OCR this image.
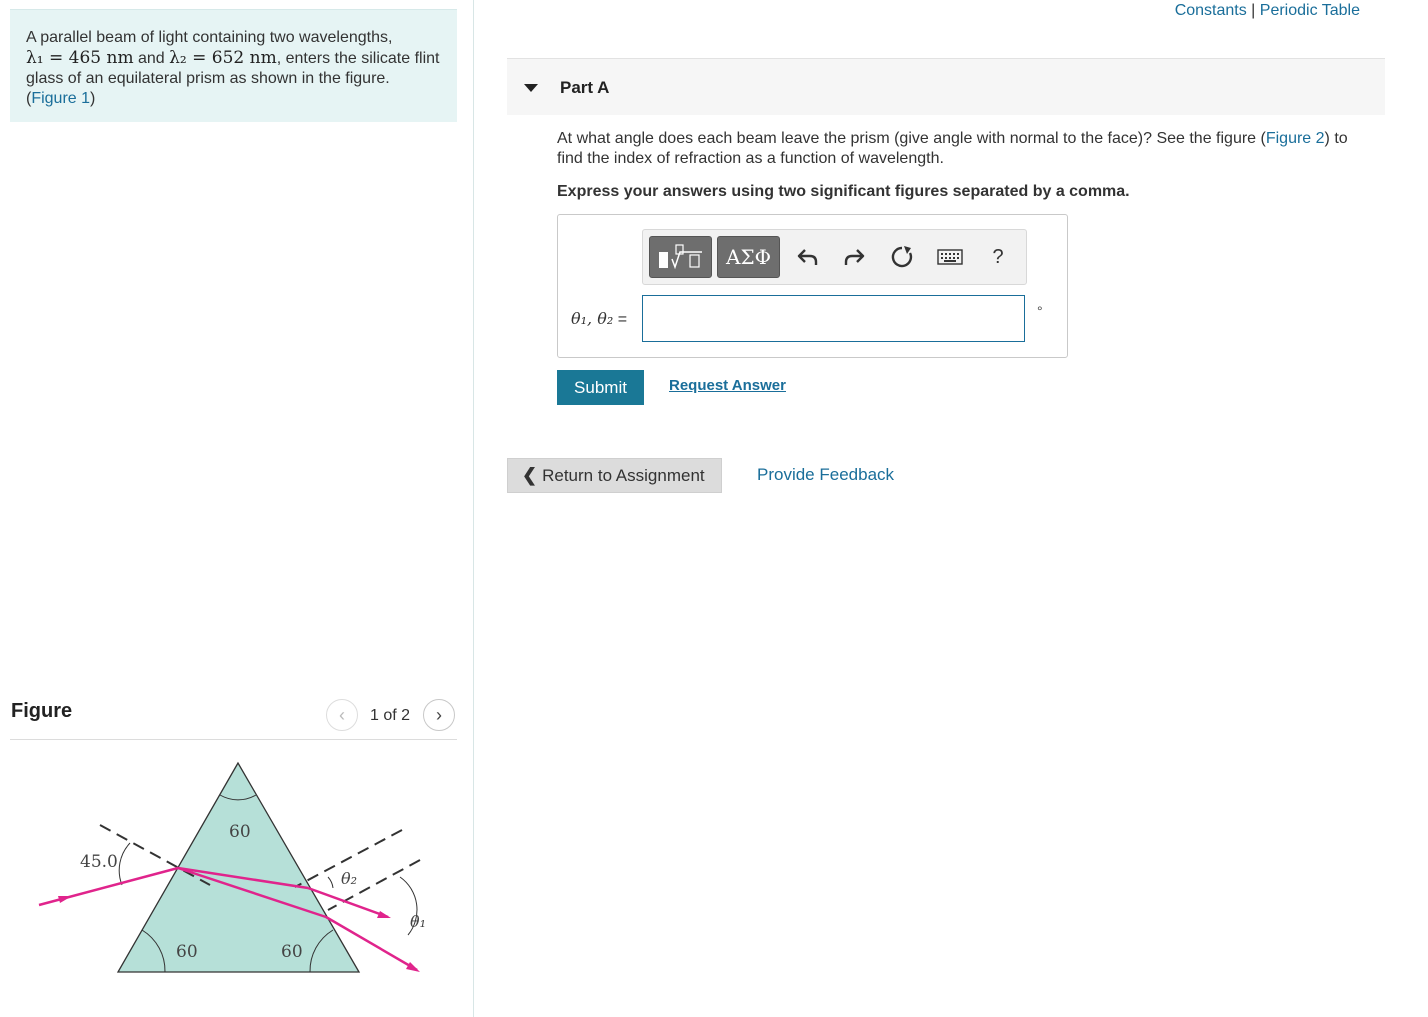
A parallel beam of light containing two wavelengths,
λ₁ = 465 nm and λ₂ = 652 nm, enters the silicate flint glass of an equilateral prism as shown in the figure.
(Figure 1)
Figure	‹ 1 of 2 ›
60
60	60
45.0
θ₂
θ₁
Constants | Periodic Table
Part A
At what angle does each beam leave the prism (give angle with normal to the face)? See the figure (Figure 2) to find the index of refraction as a function of wavelength.
Express your answers using two significant figures separated by a comma.
ΑΣΦ	?
θ₁, θ₂ =	°
Submit	Request Answer
❮ Return to Assignment	Provide Feedback
